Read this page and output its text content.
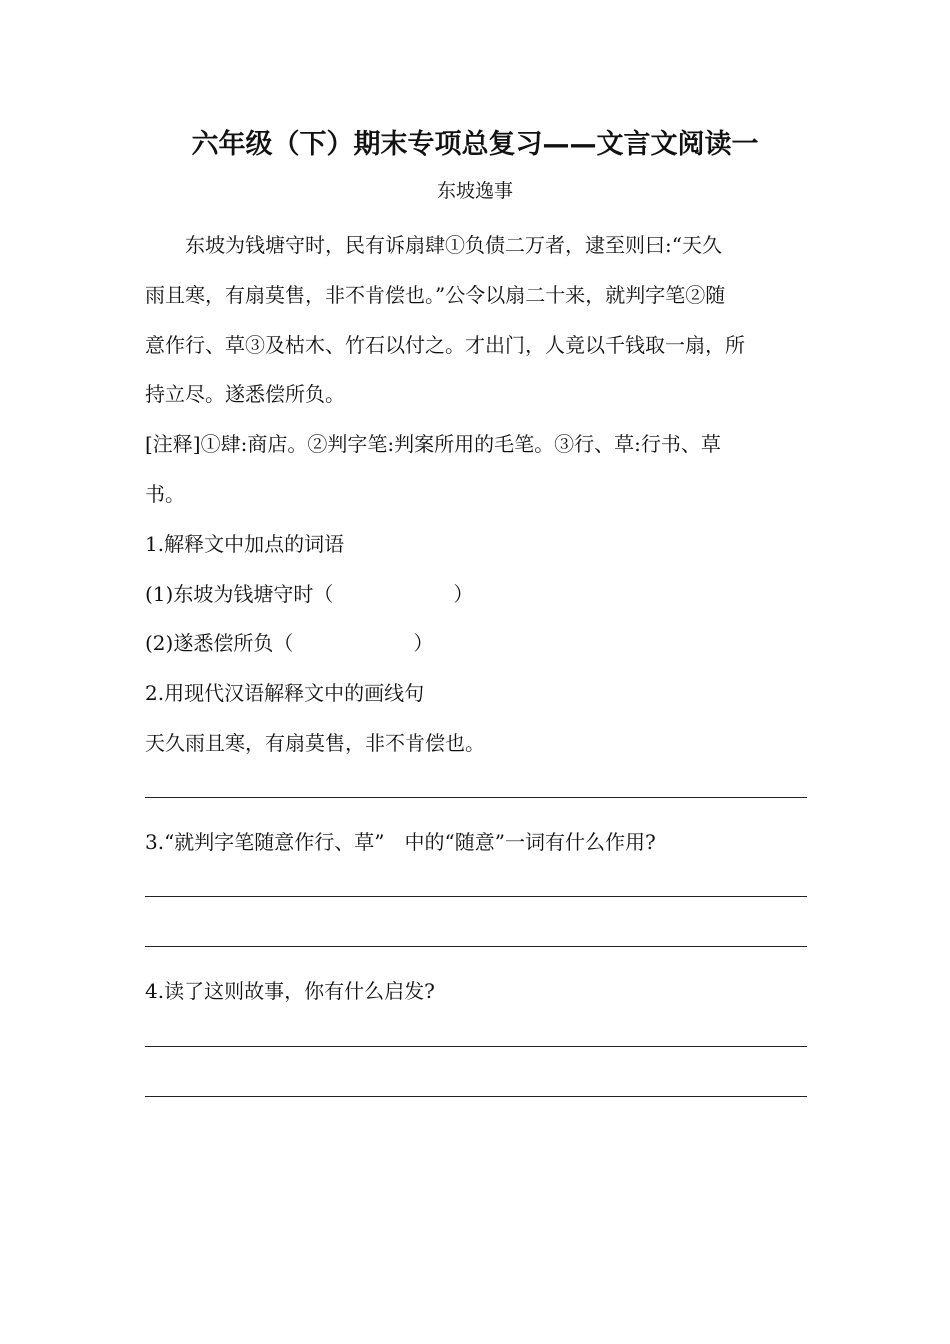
六年级（下）期末专项总复习——文言文阅读一
东坡逸事
　　东坡为钱塘守时，民有诉扇肆①负债二万者，逮至则曰:“天久
雨且寒，有扇莫售，非不肯偿也。”公令以扇二十来，就判字笔②随
意作行、草③及枯木、竹石以付之。才出门，人竟以千钱取一扇，所
持立尽。遂悉偿所负。
[注释]①肆:商店。②判字笔:判案所用的毛笔。③行、草:行书、草
书。
1.解释文中加点的词语
(1)东坡为钱塘守时（　　　　　　）
(2)遂悉偿所负（　　　　　　）
2.用现代汉语解释文中的画线句
天久雨且寒，有扇莫售，非不肯偿也。
3.“就判字笔随意作行、草”　中的“随意”一词有什么作用?
4.读了这则故事，你有什么启发?
